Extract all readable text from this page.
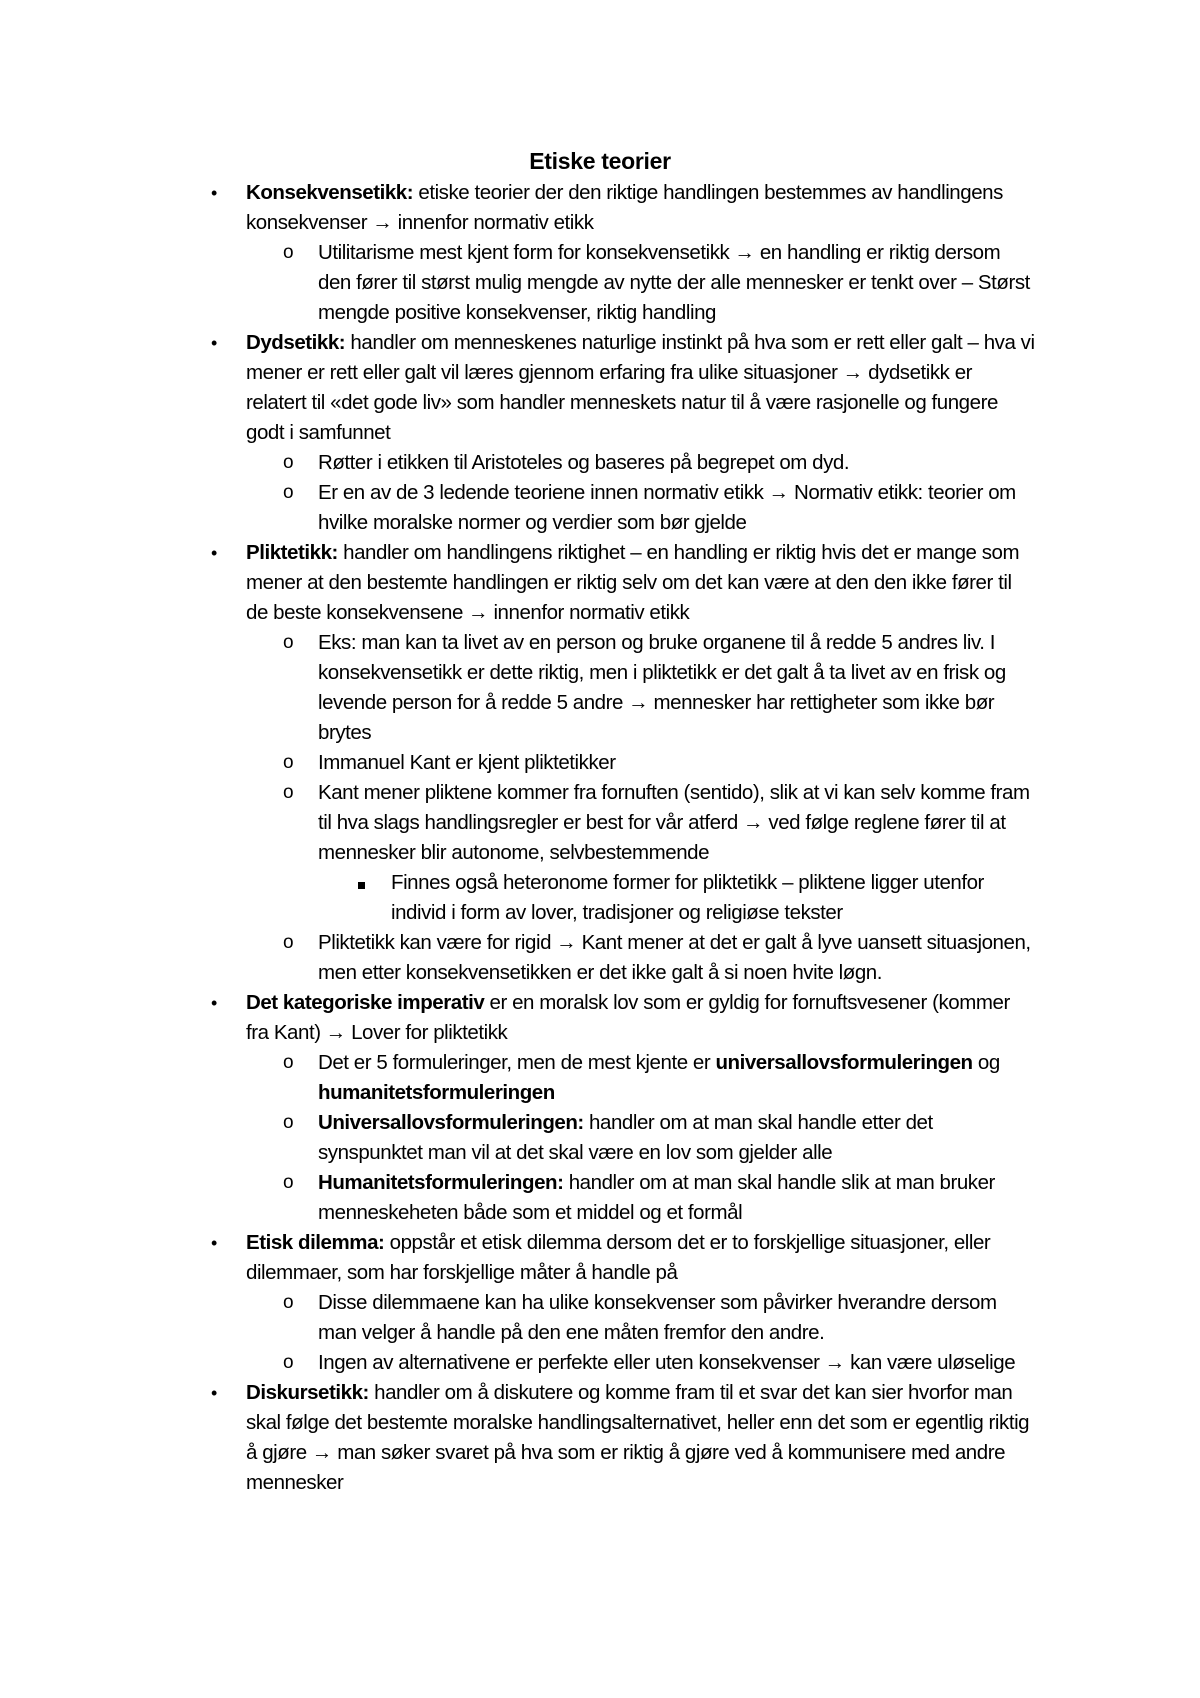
Etiske teorier
• Konsekvensetikk: etiske teorier der den riktige handlingen bestemmes av handlingens konsekvenser → innenfor normativ etikk
o Utilitarisme mest kjent form for konsekvensetikk → en handling er riktig dersom den fører til størst mulig mengde av nytte der alle mennesker er tenkt over – Størst mengde positive konsekvenser, riktig handling
• Dydsetikk: handler om menneskenes naturlige instinkt på hva som er rett eller galt – hva vi mener er rett eller galt vil læres gjennom erfaring fra ulike situasjoner → dydsetikk er relatert til «det gode liv» som handler menneskets natur til å være rasjonelle og fungere godt i samfunnet
o Røtter i etikken til Aristoteles og baseres på begrepet om dyd.
o Er en av de 3 ledende teoriene innen normativ etikk → Normativ etikk: teorier om hvilke moralske normer og verdier som bør gjelde
• Pliktetikk: handler om handlingens riktighet – en handling er riktig hvis det er mange som mener at den bestemte handlingen er riktig selv om det kan være at den den ikke fører til de beste konsekvensene → innenfor normativ etikk
o Eks: man kan ta livet av en person og bruke organene til å redde 5 andres liv. I konsekvensetikk er dette riktig, men i pliktetikk er det galt å ta livet av en frisk og levende person for å redde 5 andre → mennesker har rettigheter som ikke bør brytes
o Immanuel Kant er kjent pliktetikker
o Kant mener pliktene kommer fra fornuften (sentido), slik at vi kan selv komme fram til hva slags handlingsregler er best for vår atferd → ved følge reglene fører til at mennesker blir autonome, selvbestemmende
Finnes også heteronome former for pliktetikk – pliktene ligger utenfor individ i form av lover, tradisjoner og religiøse tekster
o Pliktetikk kan være for rigid → Kant mener at det er galt å lyve uansett situasjonen, men etter konsekvensetikken er det ikke galt å si noen hvite løgn.
• Det kategoriske imperativ er en moralsk lov som er gyldig for fornuftsvesener (kommer fra Kant) → Lover for pliktetikk
o Det er 5 formuleringer, men de mest kjente er universallovsformuleringen og humanitetsformuleringen
o Universallovsformuleringen: handler om at man skal handle etter det synspunktet man vil at det skal være en lov som gjelder alle
o Humanitetsformuleringen: handler om at man skal handle slik at man bruker menneskeheten både som et middel og et formål
• Etisk dilemma: oppstår et etisk dilemma dersom det er to forskjellige situasjoner, eller dilemmaer, som har forskjellige måter å handle på
o Disse dilemmaene kan ha ulike konsekvenser som påvirker hverandre dersom man velger å handle på den ene måten fremfor den andre.
o Ingen av alternativene er perfekte eller uten konsekvenser → kan være uløselige
• Diskursetikk: handler om å diskutere og komme fram til et svar det kan sier hvorfor man skal følge det bestemte moralske handlingsalternativet, heller enn det som er egentlig riktig å gjøre → man søker svaret på hva som er riktig å gjøre ved å kommunisere med andre mennesker
